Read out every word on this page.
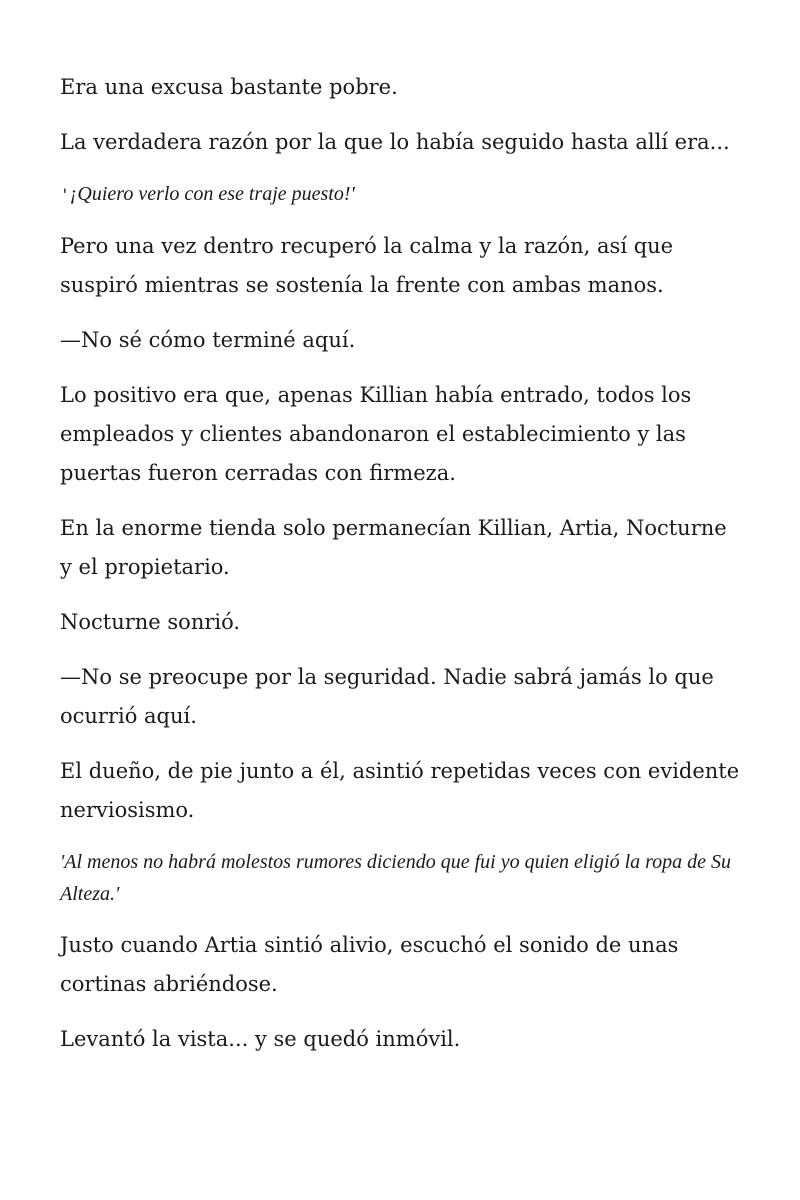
Era una excusa bastante pobre.

La verdadera razón por la que lo había seguido hasta allí era...

'¡Quiero verlo con ese traje puesto!'

Pero una vez dentro recuperó la calma y la razón, así que suspiró mientras se sostenía la frente con ambas manos.

—No sé cómo terminé aquí.

Lo positivo era que, apenas Killian había entrado, todos los empleados y clientes abandonaron el establecimiento y las puertas fueron cerradas con firmeza.

En la enorme tienda solo permanecían Killian, Artia, Nocturne y el propietario.

Nocturne sonrió.

—No se preocupe por la seguridad. Nadie sabrá jamás lo que ocurrió aquí.

El dueño, de pie junto a él, asintió repetidas veces con evidente nerviosismo.

'Al menos no habrá molestos rumores diciendo que fui yo quien eligió la ropa de Su Alteza.'

Justo cuando Artia sintió alivio, escuchó el sonido de unas cortinas abriéndose.

Levantó la vista... y se quedó inmóvil.
